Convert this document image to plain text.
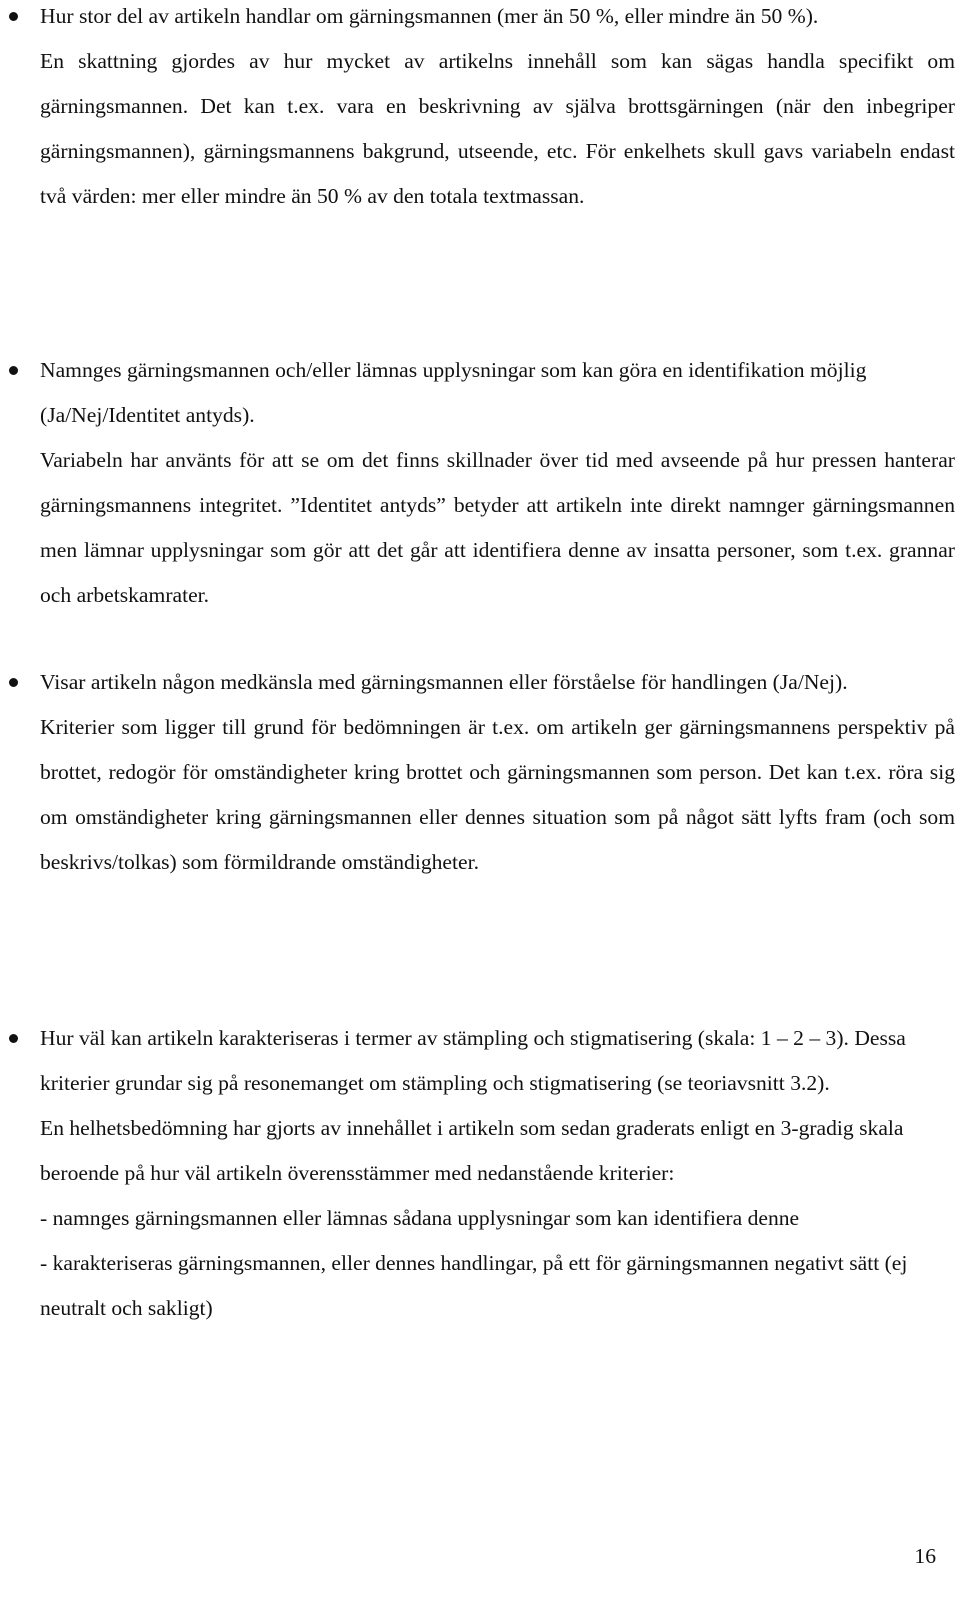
Hur stor del av artikeln handlar om gärningsmannen (mer än 50 %, eller mindre än 50 %).

En skattning gjordes av hur mycket av artikelns innehåll som kan sägas handla specifikt om gärningsmannen. Det kan t.ex. vara en beskrivning av själva brottsgärningen (när den inbegriper gärningsmannen), gärningsmannens bakgrund, utseende, etc. För enkelhets skull gavs variabeln endast två värden: mer eller mindre än 50 % av den totala textmassan.

Namnges gärningsmannen och/eller lämnas upplysningar som kan göra en identifikation möjlig (Ja/Nej/Identitet antyds).

Variabeln har använts för att se om det finns skillnader över tid med avseende på hur pressen hanterar gärningsmannens integritet. ”Identitet antyds” betyder att artikeln inte direkt namnger gärningsmannen men lämnar upplysningar som gör att det går att identifiera denne av insatta personer, som t.ex. grannar och arbetskamrater.

Visar artikeln någon medkänsla med gärningsmannen eller förståelse för handlingen (Ja/Nej).

Kriterier som ligger till grund för bedömningen är t.ex. om artikeln ger gärningsmannens perspektiv på brottet, redogör för omständigheter kring brottet och gärningsmannen som person. Det kan t.ex. röra sig om omständigheter kring gärningsmannen eller dennes situation som på något sätt lyfts fram (och som beskrivs/tolkas) som förmildrande omständigheter.

Hur väl kan artikeln karakteriseras i termer av stämpling och stigmatisering (skala: 1 – 2 – 3). Dessa kriterier grundar sig på resonemanget om stämpling och stigmatisering (se teoriavsnitt 3.2).

En helhetsbedömning har gjorts av innehållet i artikeln som sedan graderats enligt en 3-gradig skala beroende på hur väl artikeln överensstämmer med nedanstående kriterier:

- namnges gärningsmannen eller lämnas sådana upplysningar som kan identifiera denne

- karakteriseras gärningsmannen, eller dennes handlingar, på ett för gärningsmannen negativt sätt (ej neutralt och sakligt)

16
